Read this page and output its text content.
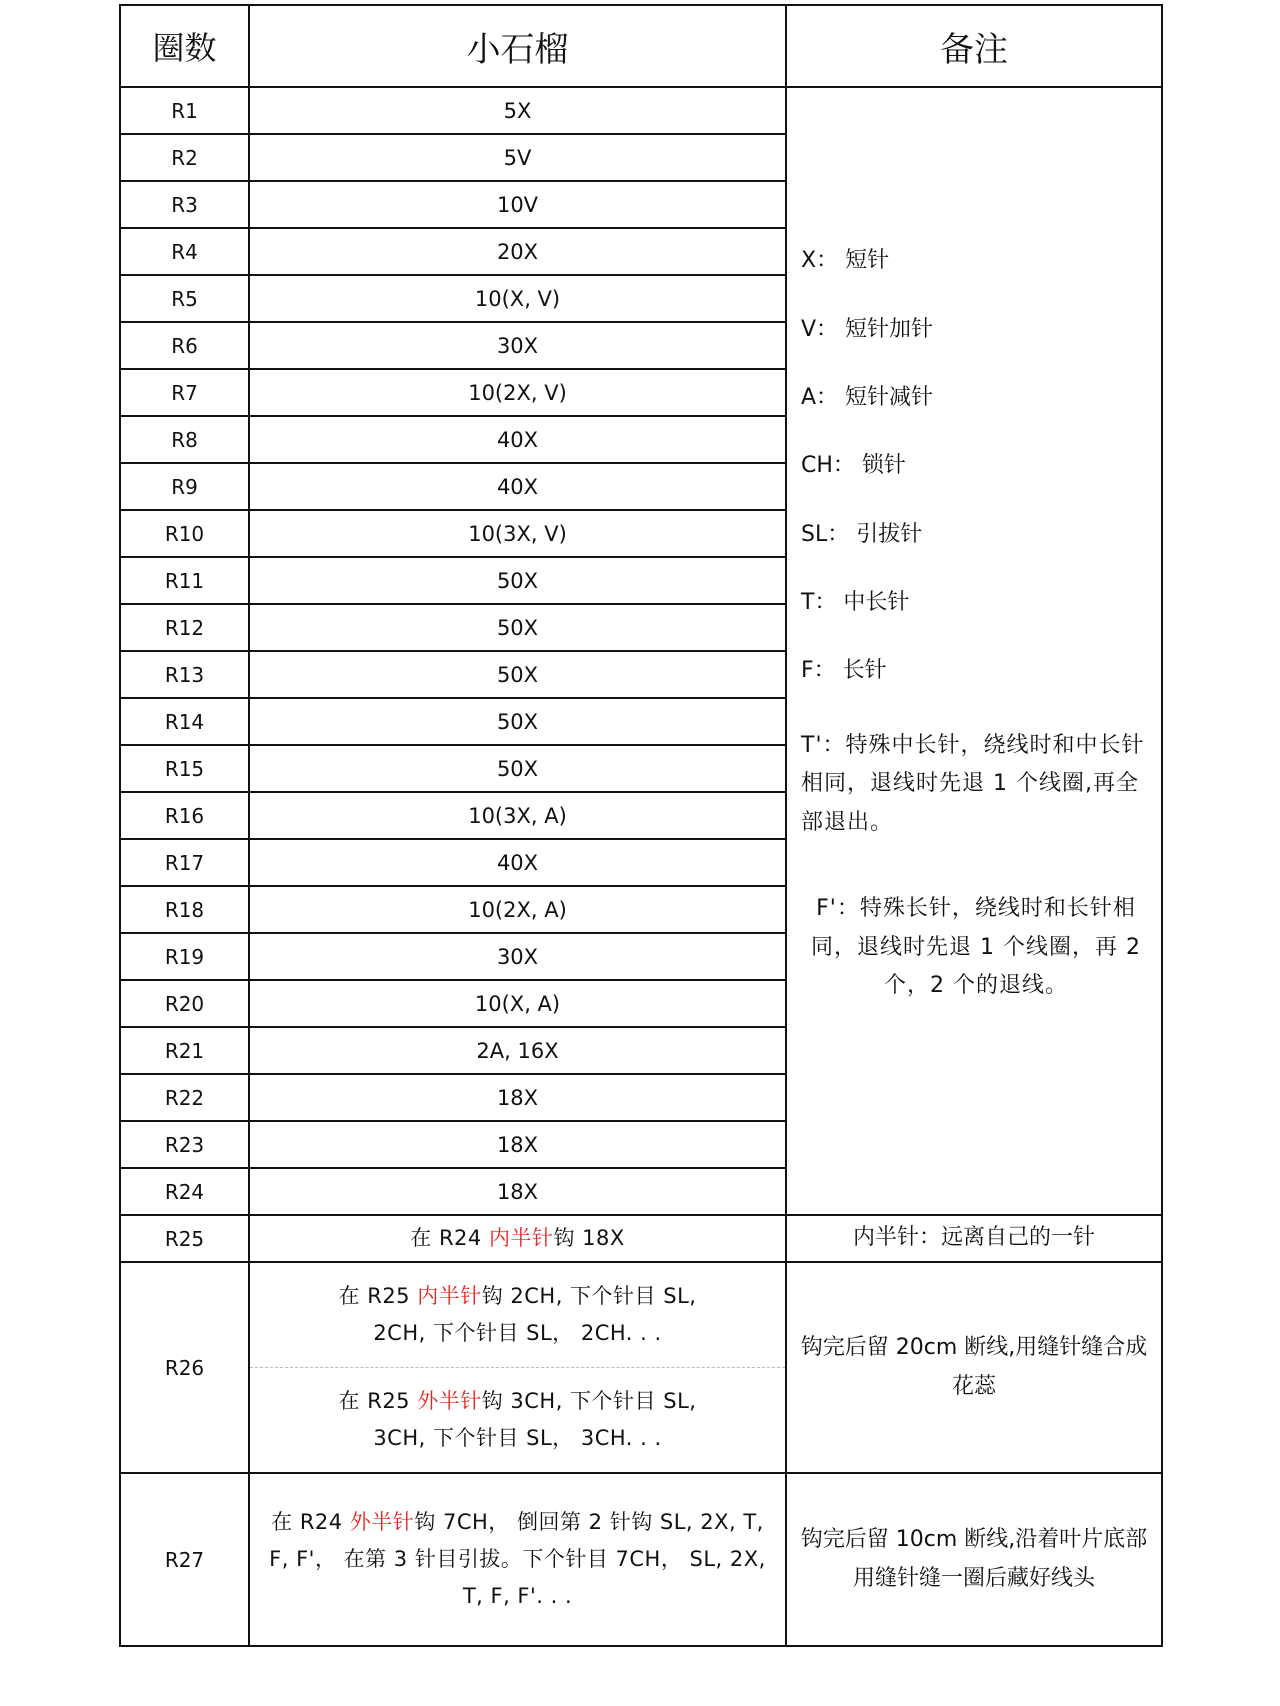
圈数	小石榴	备注
R1	5X	
X： 短针
V： 短针加针
A： 短针减针
CH： 锁针
SL： 引拔针
T： 中长针
F： 长针
T'：特殊中长针，绕线时和中长针相同，退线时先退 1 个线圈,再全部退出。
F'：特殊长针，绕线时和长针相同，退线时先退 1 个线圈，再 2 个，2 个的退线。

R2	5V	
R3	10V	
R4	20X	
R5	10(X, V)	
R6	30X	
R7	10(2X, V)	
R8	40X	
R9	40X	
R10	10(3X, V)	
R11	50X	
R12	50X	
R13	50X	
R14	50X	
R15	50X	
R16	10(3X, A)	
R17	40X	
R18	10(2X, A)	
R19	30X	
R20	10(X, A)	
R21	2A, 16X	
R22	18X	
R23	18X	
R24	18X	
R25	在 R24 内半针钩 18X	内半针：远离自己的一针
R26	在 R25 内半针钩 2CH, 下个针目 SL,
2CH, 下个针目 SL， 2CH. . .
在 R25 外半针钩 3CH, 下个针目 SL,
3CH, 下个针目 SL， 3CH. . .	钩完后留 20cm 断线,用缝针缝合成花蕊
R27	在 R24 外半针钩 7CH， 倒回第 2 针钩 SL, 2X, T, F, F'， 在第 3 针目引拔。下个针目 7CH， SL, 2X, T, F, F'. . .	钩完后留 10cm 断线,沿着叶片底部用缝针缝一圈后藏好线头
